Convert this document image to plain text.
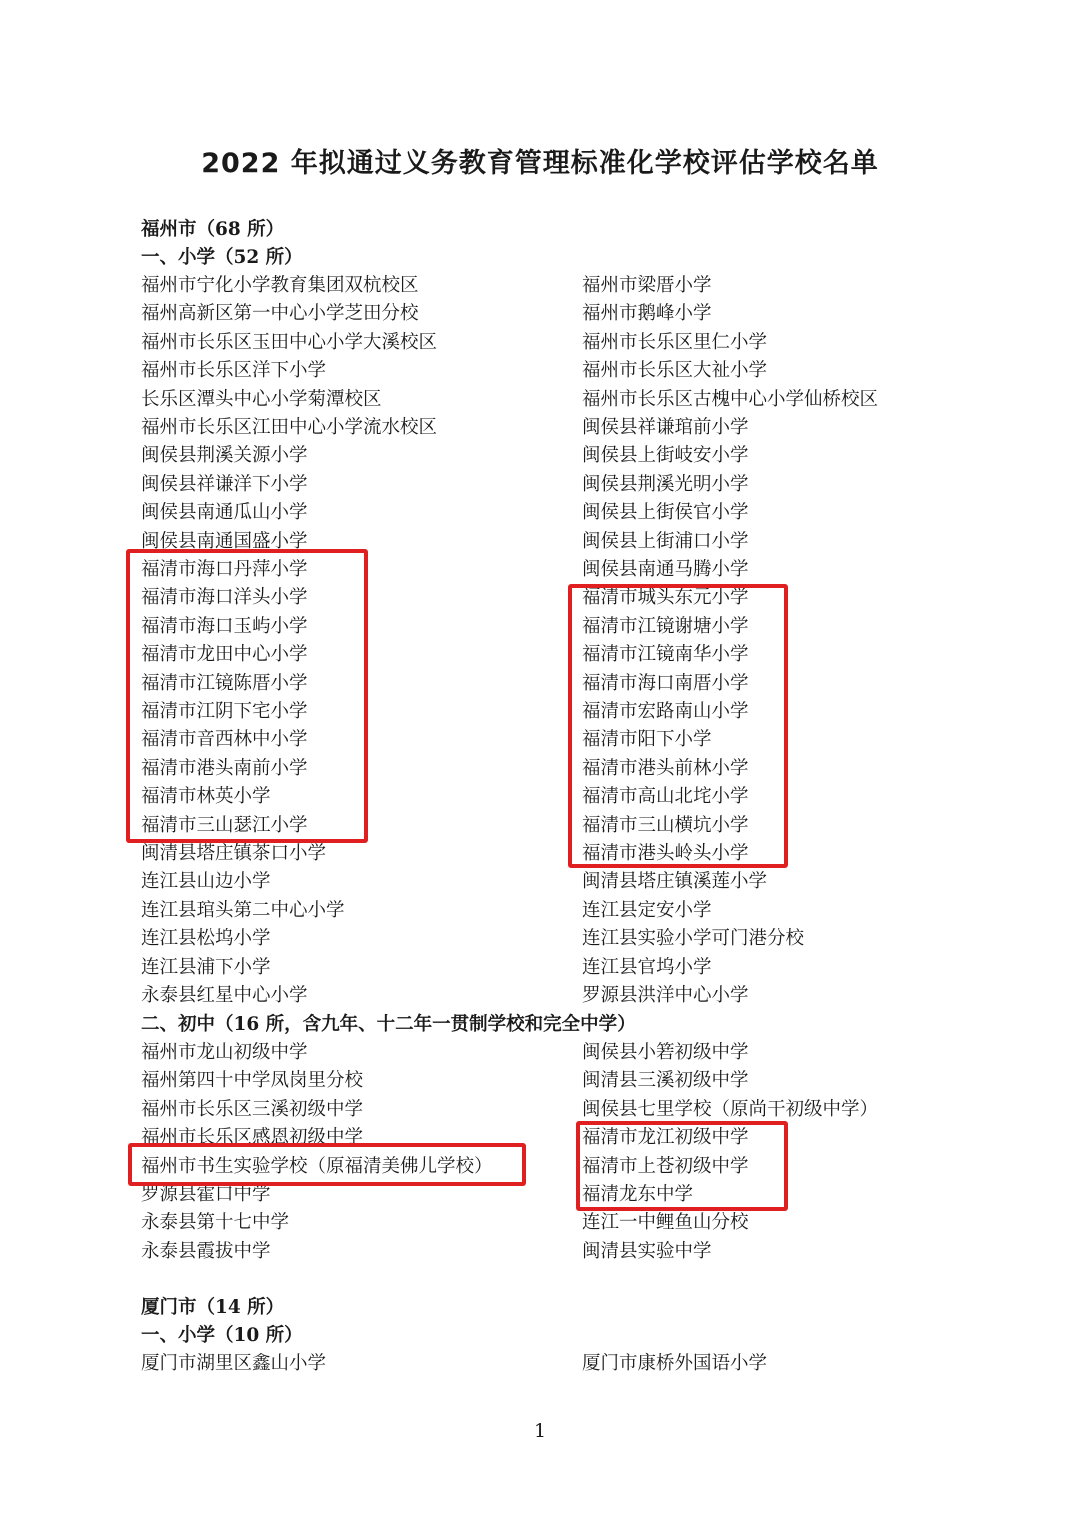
2022 年拟通过义务教育管理标准化学校评估学校名单
福州市（68 所）
一、小学（52 所）
福州市宁化小学教育集团双杭校区
福州高新区第一中心小学芝田分校
福州市长乐区玉田中心小学大溪校区
福州市长乐区洋下小学
长乐区潭头中心小学菊潭校区
福州市长乐区江田中心小学流水校区
闽侯县荆溪关源小学
闽侯县祥谦洋下小学
闽侯县南通瓜山小学
闽侯县南通国盛小学
福清市海口丹萍小学
福清市海口洋头小学
福清市海口玉屿小学
福清市龙田中心小学
福清市江镜陈厝小学
福清市江阴下宅小学
福清市音西林中小学
福清市港头南前小学
福清市林英小学
福清市三山瑟江小学
闽清县塔庄镇茶口小学
连江县山边小学
连江县琯头第二中心小学
连江县松坞小学
连江县浦下小学
永泰县红星中心小学
福州市梁厝小学
福州市鹅峰小学
福州市长乐区里仁小学
福州市长乐区大祉小学
福州市长乐区古槐中心小学仙桥校区
闽侯县祥谦琯前小学
闽侯县上街岐安小学
闽侯县荆溪光明小学
闽侯县上街侯官小学
闽侯县上街浦口小学
闽侯县南通马腾小学
福清市城头东元小学
福清市江镜谢塘小学
福清市江镜南华小学
福清市海口南厝小学
福清市宏路南山小学
福清市阳下小学
福清市港头前林小学
福清市高山北垞小学
福清市三山横坑小学
福清市港头岭头小学
闽清县塔庄镇溪莲小学
连江县定安小学
连江县实验小学可门港分校
连江县官坞小学
罗源县洪洋中心小学
二、初中（16 所，含九年、十二年一贯制学校和完全中学）
福州市龙山初级中学
福州第四十中学凤岗里分校
福州市长乐区三溪初级中学
福州市长乐区感恩初级中学
福州市书生实验学校（原福清美佛儿学校）
罗源县霍口中学
永泰县第十七中学
永泰县霞拔中学
闽侯县小箬初级中学
闽清县三溪初级中学
闽侯县七里学校（原尚干初级中学）
福清市龙江初级中学
福清市上苍初级中学
福清龙东中学
连江一中鲤鱼山分校
闽清县实验中学
厦门市（14 所）
一、小学（10 所）
厦门市湖里区鑫山小学	厦门市康桥外国语小学
1
